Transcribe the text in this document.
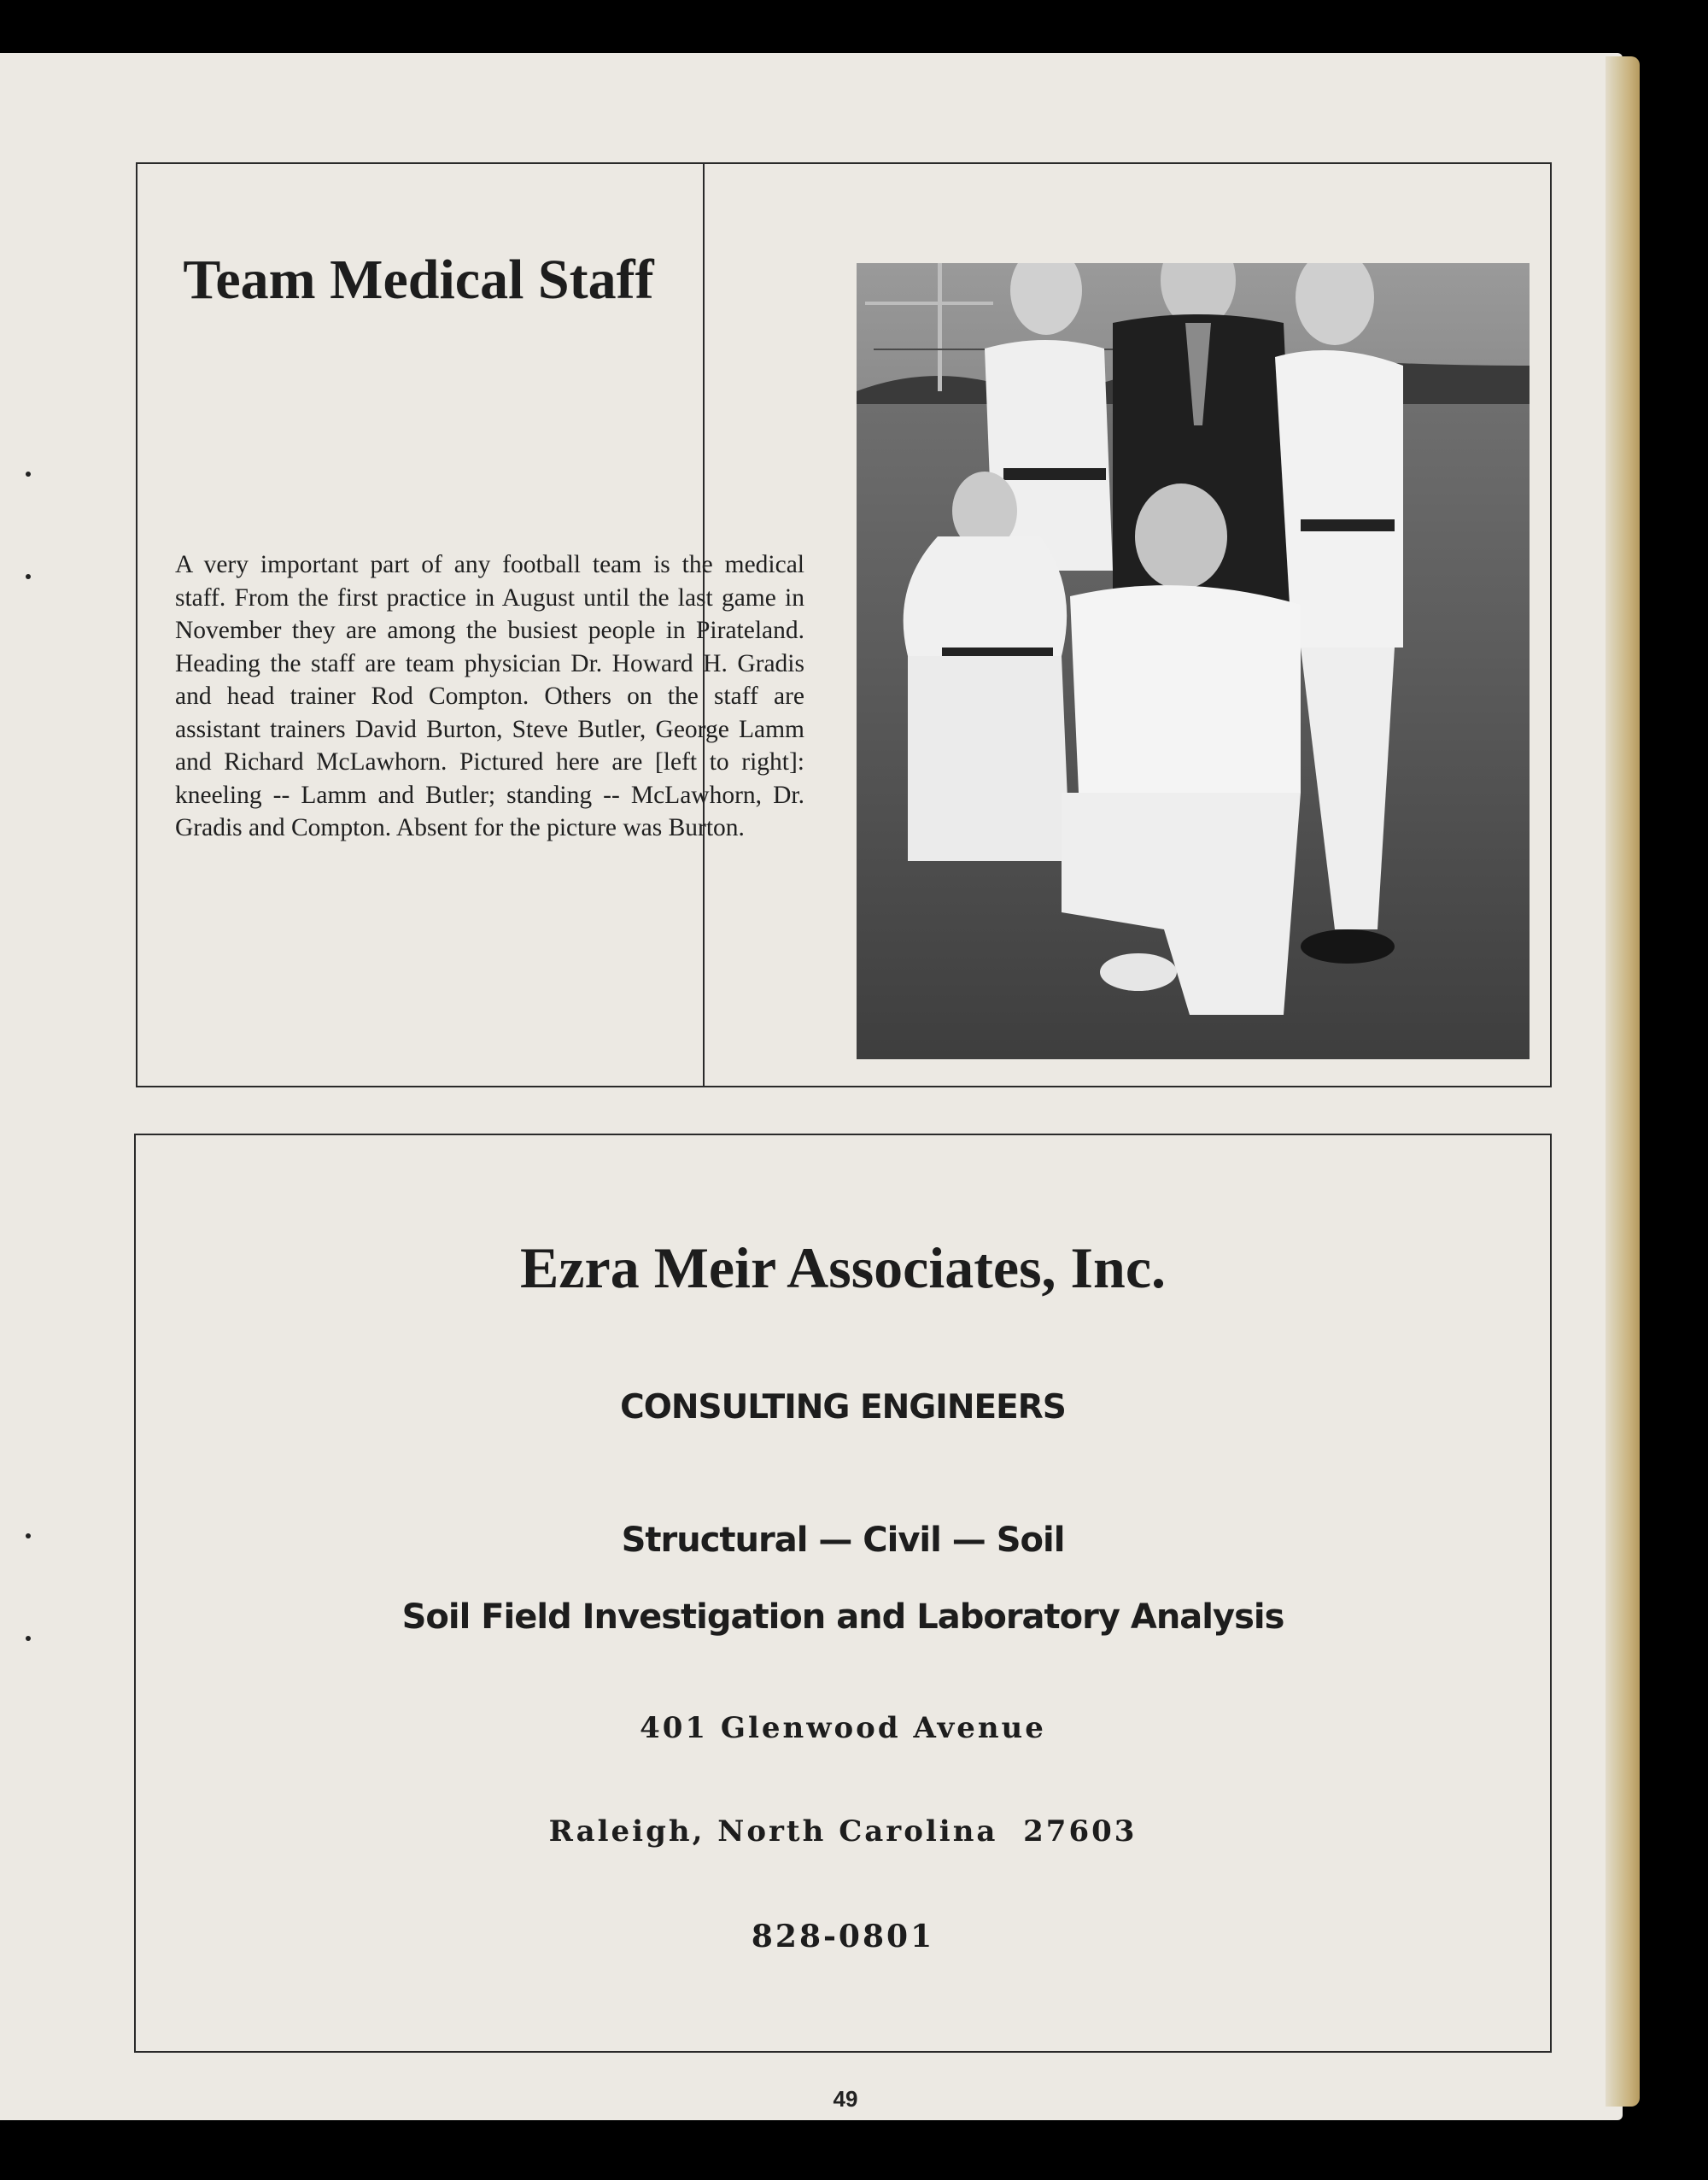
Team Medical Staff

A very important part of any football team is the medical staff. From the first practice in August until the last game in November they are among the busiest people in Pirateland. Heading the staff are team physician Dr. Howard H. Gradis and head trainer Rod Compton. Others on the staff are assistant trainers David Burton, Steve Butler, George Lamm and Richard McLawhorn. Pictured here are [left to right]: kneeling -- Lamm and Butler; standing -- McLawhorn, Dr. Gradis and Compton. Absent for the picture was Burton.

Ezra Meir Associates, Inc.
CONSULTING ENGINEERS
Structural — Civil — Soil
Soil Field Investigation and Laboratory Analysis
401 Glenwood Avenue
Raleigh, North Carolina  27603
828-0801
49
